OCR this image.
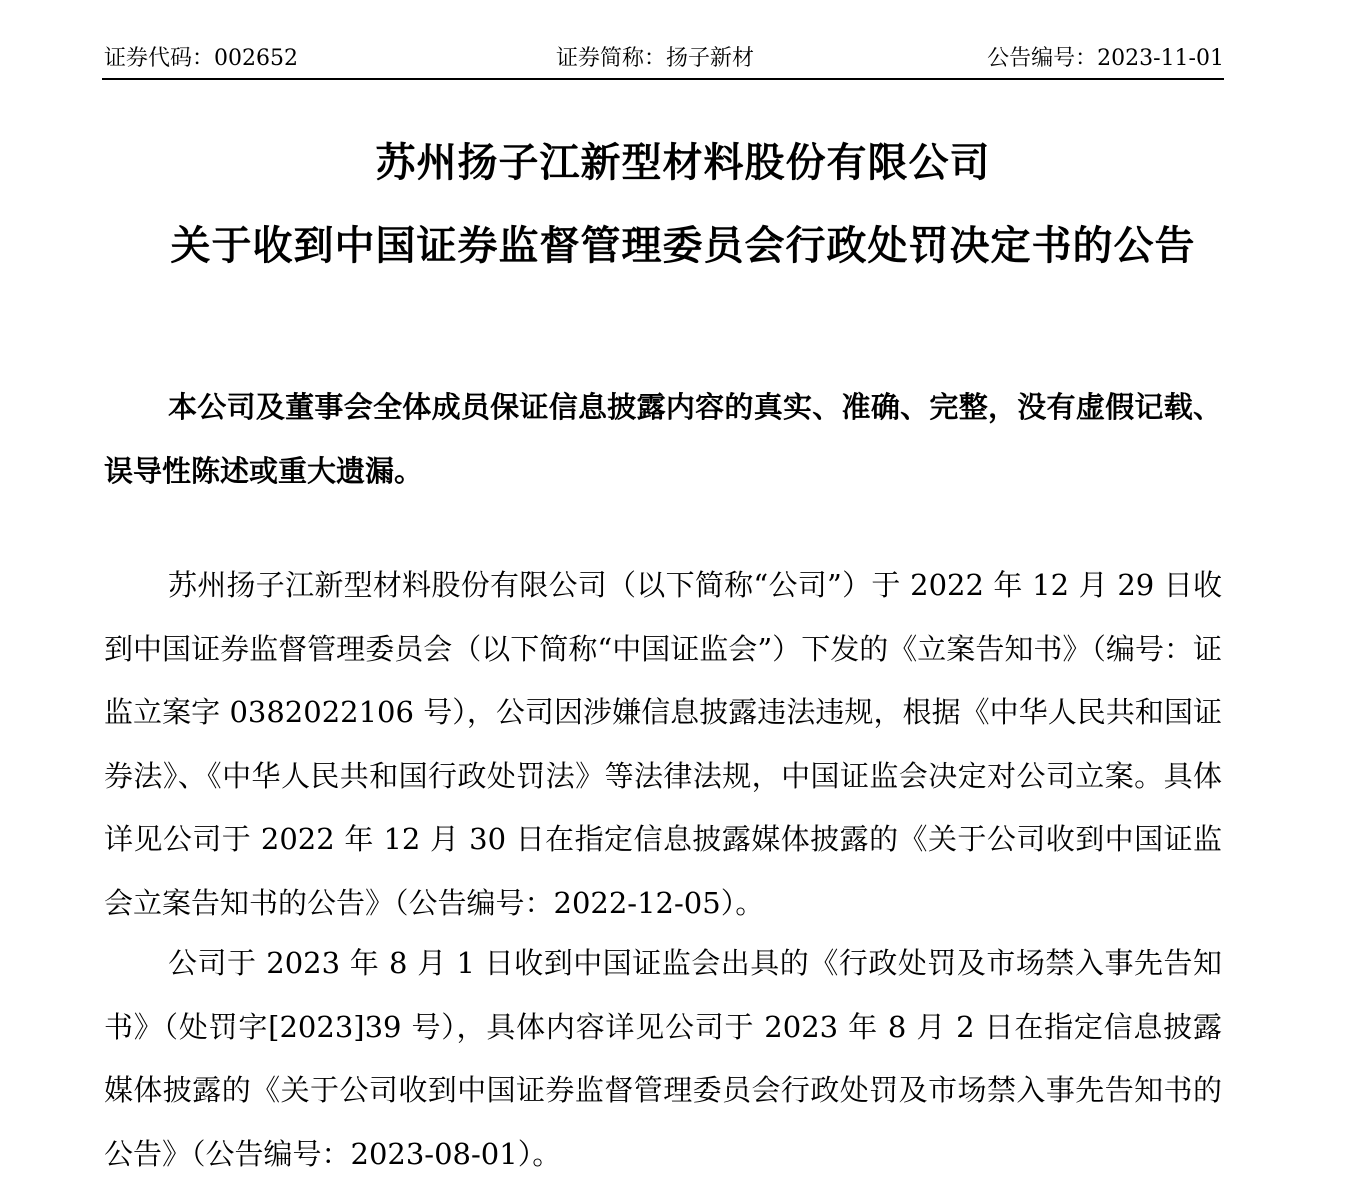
证券代码：002652	证券简称：扬子新材	公告编号：2023-11-01
苏州扬子江新型材料股份有限公司
关于收到中国证券监督管理委员会行政处罚决定书的公告

本公司及董事会全体成员保证信息披露内容的真实、准确、完整，没有虚假记载、误导性陈述或重大遗漏。

苏州扬子江新型材料股份有限公司（以下简称“公司”）于 2022 年 12 月 29 日收到中国证券监督管理委员会（以下简称“中国证监会”）下发的《立案告知书》（编号：证监立案字 0382022106 号），公司因涉嫌信息披露违法违规，根据《中华人民共和国证券法》、《中华人民共和国行政处罚法》等法律法规，中国证监会决定对公司立案。具体详见公司于 2022 年 12 月 30 日在指定信息披露媒体披露的《关于公司收到中国证监会立案告知书的公告》（公告编号：2022-12-05）。

公司于 2023 年 8 月 1 日收到中国证监会出具的《行政处罚及市场禁入事先告知书》（处罚字[2023]39 号），具体内容详见公司于 2023 年 8 月 2 日在指定信息披露媒体披露的《关于公司收到中国证券监督管理委员会行政处罚及市场禁入事先告知书的公告》（公告编号：2023-08-01）。
